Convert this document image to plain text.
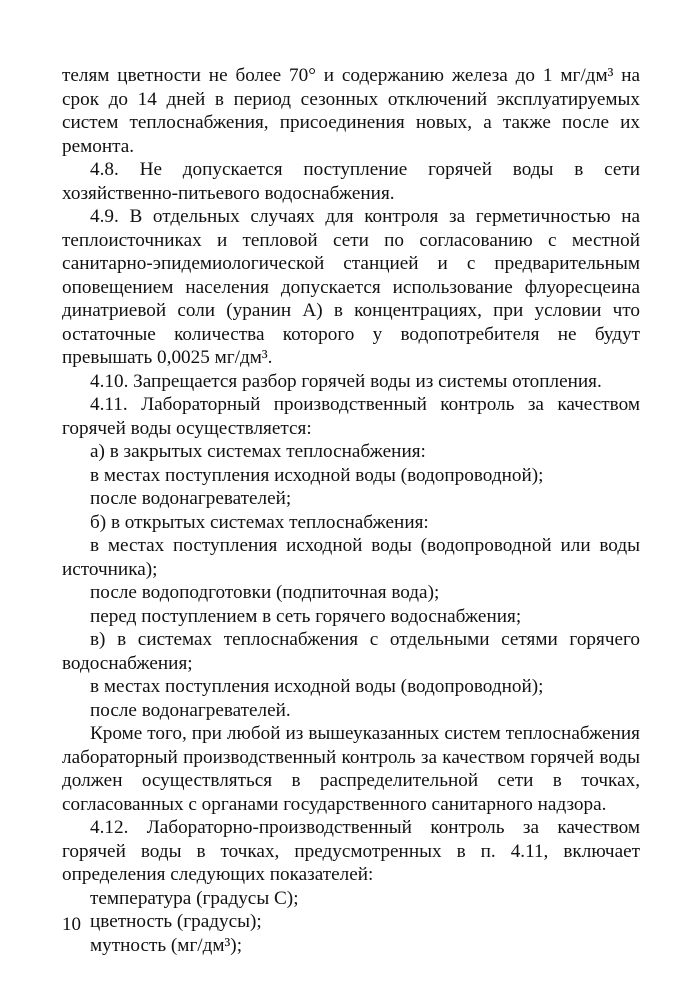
телям цветности не более 70° и содержанию железа до 1 мг/дм³ на срок до 14 дней в период сезонных отключений эксплуатируемых систем теплоснабжения, присоединения новых, а также после их ремонта.

4.8. Не допускается поступление горячей воды в сети хозяйственно-питьевого водоснабжения.

4.9. В отдельных случаях для контроля за герметичностью на теплоисточниках и тепловой сети по согласованию с местной санитарно-эпидемиологической станцией и с предварительным оповещением населения допускается использование флуоресцеина динатриевой соли (уранин А) в концентрациях, при условии что остаточные количества которого у водопотребителя не будут превышать 0,0025 мг/дм³.

4.10. Запрещается разбор горячей воды из системы отопления.

4.11. Лабораторный производственный контроль за качеством горячей воды осуществляется:

а) в закрытых системах теплоснабжения:

в местах поступления исходной воды (водопроводной);

после водонагревателей;

б) в открытых системах теплоснабжения:

в местах поступления исходной воды (водопроводной или воды источника);

после водоподготовки (подпиточная вода);

перед поступлением в сеть горячего водоснабжения;

в) в системах теплоснабжения с отдельными сетями горячего водоснабжения;

в местах поступления исходной воды (водопроводной);

после водонагревателей.

Кроме того, при любой из вышеуказанных систем теплоснабжения лабораторный производственный контроль за качеством горячей воды должен осуществляться в распределительной сети в точках, согласованных с органами государственного санитарного надзора.

4.12. Лабораторно-производственный контроль за качеством горячей воды в точках, предусмотренных в п. 4.11, включает определения следующих показателей:

температура (градусы С);

цветность (градусы);

мутность (мг/дм³);

10
